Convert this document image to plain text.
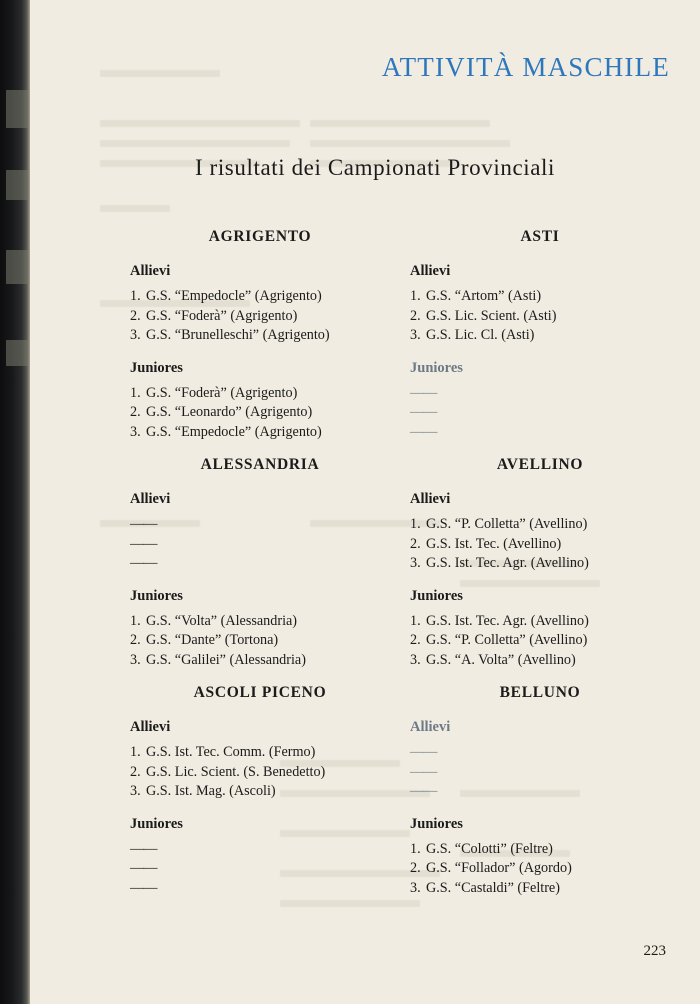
ATTIVITÀ MASCHILE
I risultati dei Campionati Provinciali
AGRIGENTO
Allievi
1. G.S. “Empedocle” (Agrigento)
2. G.S. “Foderà” (Agrigento)
3. G.S. “Brunelleschi” (Agrigento)
Juniores
1. G.S. “Foderà” (Agrigento)
2. G.S. “Leonardo” (Agrigento)
3. G.S. “Empedocle” (Agrigento)
ALESSANDRIA
Allievi
——
——
——
Juniores
1. G.S. “Volta” (Alessandria)
2. G.S. “Dante” (Tortona)
3. G.S. “Galilei” (Alessandria)
ASCOLI PICENO
Allievi
1. G.S. Ist. Tec. Comm. (Fermo)
2. G.S. Lic. Scient. (S. Benedetto)
3. G.S. Ist. Mag. (Ascoli)
Juniores
——
——
——
ASTI
Allievi
1. G.S. “Artom” (Asti)
2. G.S. Lic. Scient. (Asti)
3. G.S. Lic. Cl. (Asti)
Juniores
——
——
——
AVELLINO
Allievi
1. G.S. “P. Colletta” (Avellino)
2. G.S. Ist. Tec. (Avellino)
3. G.S. Ist. Tec. Agr. (Avellino)
Juniores
1. G.S. Ist. Tec. Agr. (Avellino)
2. G.S. “P. Colletta” (Avellino)
3. G.S. “A. Volta” (Avellino)
BELLUNO
Allievi
——
——
——
Juniores
1. G.S. “Colotti” (Feltre)
2. G.S. “Follador” (Agordo)
3. G.S. “Castaldi” (Feltre)
223
